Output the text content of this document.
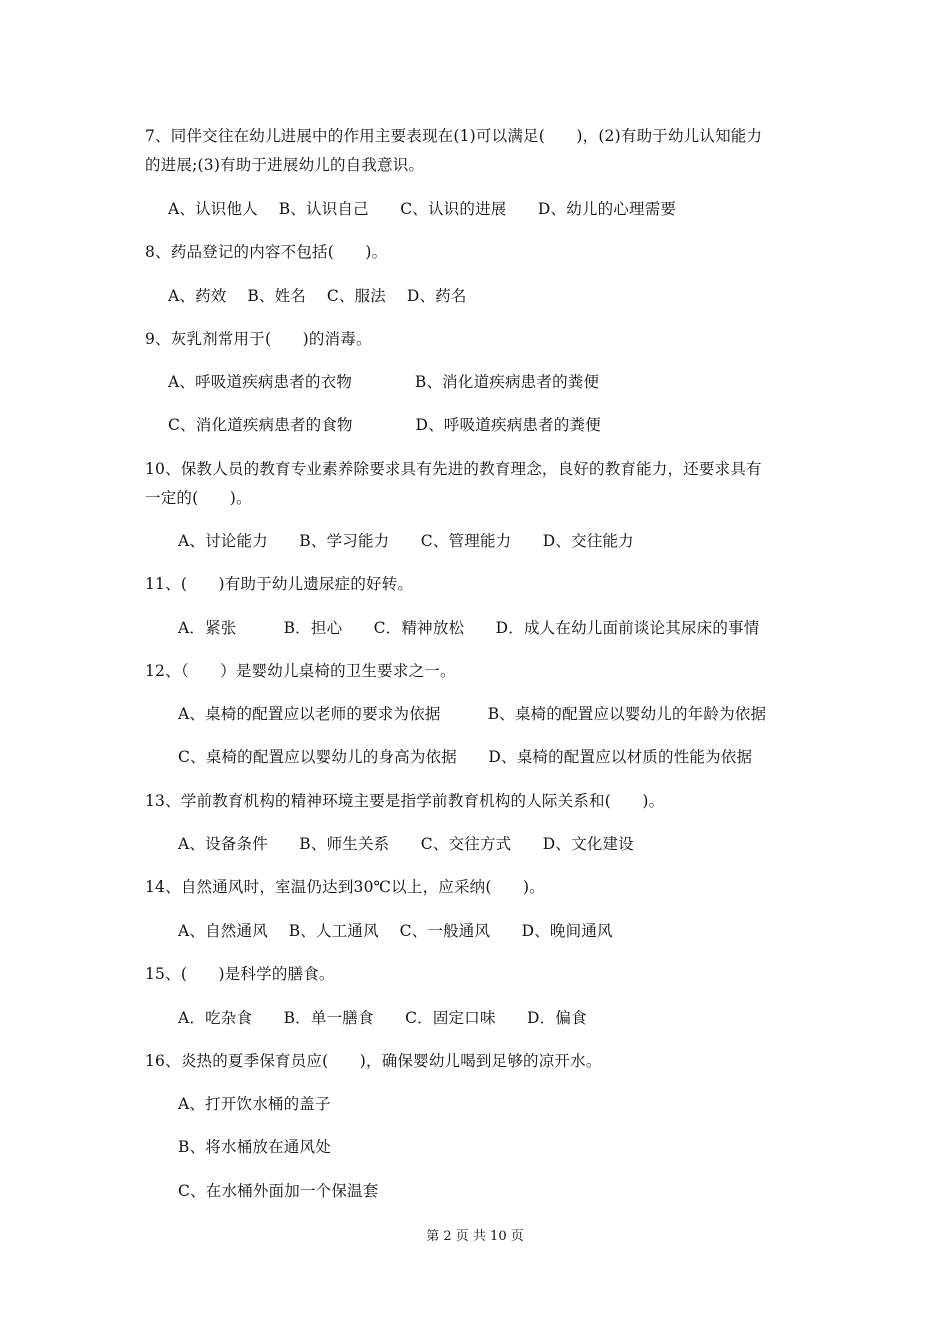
7、同伴交往在幼儿进展中的作用主要表现在(1)可以满足(　　)，(2)有助于幼儿认知能力
的进展;(3)有助于进展幼儿的自我意识。
A、认识他人　 B、认识自己　　C、认识的进展　　D、幼儿的心理需要
8、药品登记的内容不包括(　　)。
A、药效　 B、姓名　 C、服法　 D、药名
9、灰乳剂常用于(　　)的消毒。
A、呼吸道疾病患者的衣物　　　　B、消化道疾病患者的粪便
C、消化道疾病患者的食物　　　　D、呼吸道疾病患者的粪便
10、保教人员的教育专业素养除要求具有先进的教育理念，良好的教育能力，还要求具有
一定的(　　)。
A、讨论能力　　B、学习能力　　C、管理能力　　D、交往能力
11、(　　)有助于幼儿遗尿症的好转。
A．紧张　　　B．担心　　C．精神放松　　D．成人在幼儿面前谈论其尿床的事情
12、（　　）是婴幼儿桌椅的卫生要求之一。
A、桌椅的配置应以老师的要求为依据　　　B、桌椅的配置应以婴幼儿的年龄为依据
C、桌椅的配置应以婴幼儿的身高为依据　　D、桌椅的配置应以材质的性能为依据
13、学前教育机构的精神环境主要是指学前教育机构的人际关系和(　　)。
A、设备条件　　B、师生关系　　C、交往方式　　D、文化建设
14、自然通风时，室温仍达到30℃以上，应采纳(　　)。
A、自然通风　 B、人工通风　 C、一般通风　　D、晚间通风
15、(　　)是科学的膳食。
A．吃杂食　　B．单一膳食　　C．固定口味　　D．偏食
16、炎热的夏季保育员应(　　)，确保婴幼儿喝到足够的凉开水。
A、打开饮水桶的盖子
B、将水桶放在通风处
C、在水桶外面加一个保温套
第 2 页 共 10 页
